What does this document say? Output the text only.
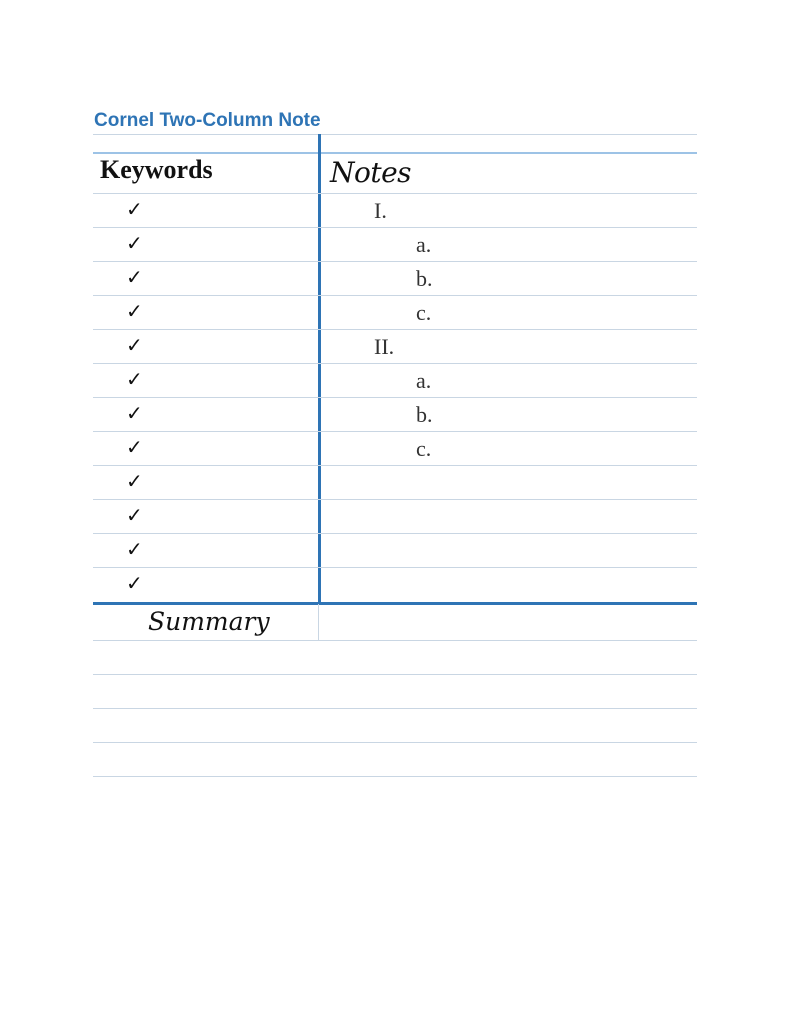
Cornel Two-Column Note
Keywords	Notes
✓
✓
✓
✓
✓
✓
✓
✓
✓
✓
✓
✓
I.
a.
b.
c.
II.
a.
b.
c.
Summary
